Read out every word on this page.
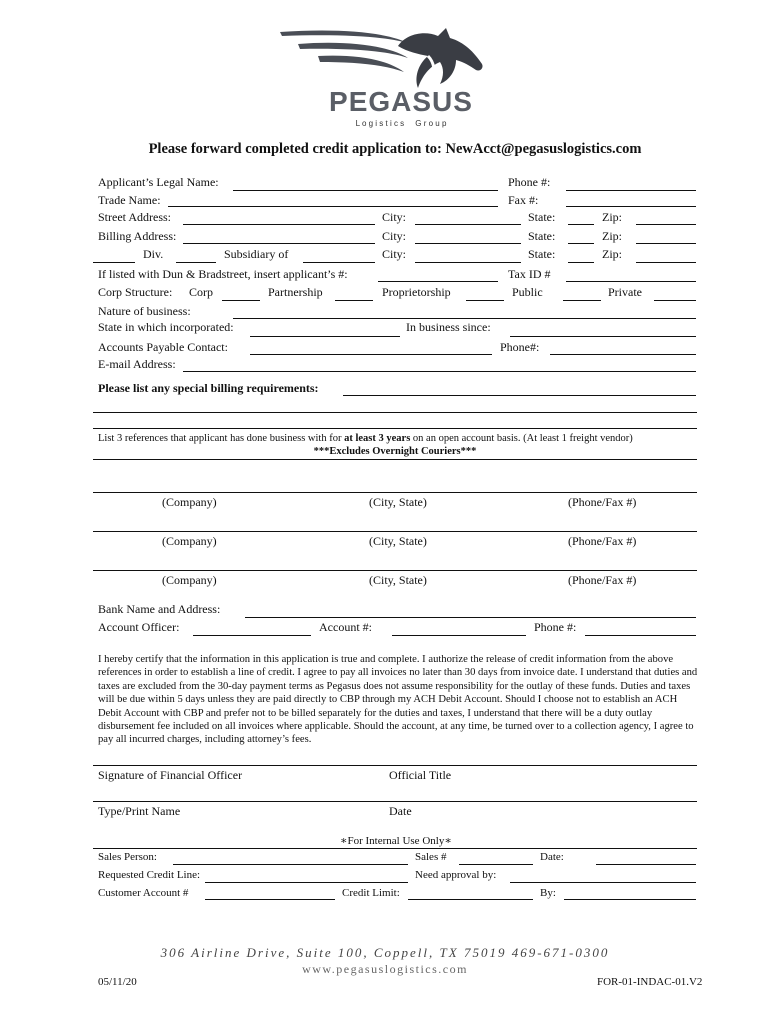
PEGASUS
L o g i s t i c s     G r o u p
Please forward completed credit application to: NewAcct@pegasuslogistics.com
Applicant’s Legal Name:	Phone #:
Trade Name:	Fax #:
Street Address:	City:	State:	Zip:
Billing Address:	City:	State:	Zip:
Div.	Subsidiary of	City:	State:	Zip:
If listed with Dun & Bradstreet, insert applicant’s #:	Tax ID #
Corp Structure: Corp	Partnership	Proprietorship	Public	Private
Nature of business:
State in which incorporated:	In business since:
Accounts Payable Contact:	Phone#:
E-mail Address:
Please list any special billing requirements:
List 3 references that applicant has done business with for at least 3 years on an open account basis. (At least 1 freight vendor)
***Excludes Overnight Couriers***
(Company)	(City, State)	(Phone/Fax #)
(Company)	(City, State)	(Phone/Fax #)
(Company)	(City, State)	(Phone/Fax #)
Bank Name and Address:
Account Officer:	Account #:	Phone #:
I hereby certify that the information in this application is true and complete. I authorize the release of credit information from the above references in order to establish a line of credit. I agree to pay all invoices no later than 30 days from invoice date. I understand that duties and taxes are excluded from the 30-day payment terms as Pegasus does not assume responsibility for the outlay of these funds. Duties and taxes will be due within 5 days unless they are paid directly to CBP through my ACH Debit Account. Should I choose not to establish an ACH Debit Account with CBP and prefer not to be billed separately for the duties and taxes, I understand that there will be a duty outlay disbursement fee included on all invoices where applicable. Should the account, at any time, be turned over to a collection agency, I agree to pay all incurred charges, including attorney’s fees.
Signature of Financial Officer	Official Title
Type/Print Name	Date
∗For Internal Use Only∗
Sales Person:	Sales #	Date:
Requested Credit Line:	Need approval by:
Customer Account #	Credit Limit:	By:
306 Airline Drive, Suite 100, Coppell, TX 75019 469-671-0300
www.pegasuslogistics.com
05/11/20	FOR-01-INDAC-01.V2
